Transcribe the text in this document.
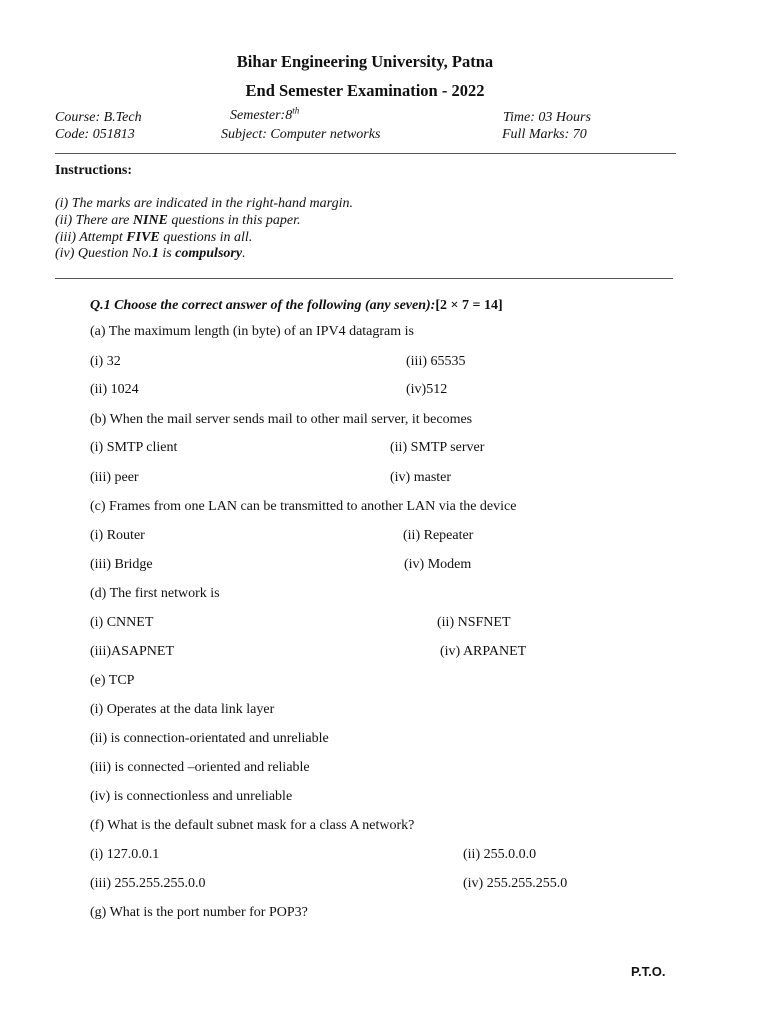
Bihar Engineering University, Patna
End Semester Examination - 2022
Course: B.Tech
Code: 051813
Semester:8th
Subject: Computer networks
Time: 03 Hours
Full Marks: 70
Instructions:
(i) The marks are indicated in the right-hand margin.
(ii) There are NINE questions in this paper.
(iii) Attempt FIVE questions in all.
(iv) Question No.1 is compulsory.
Q.1 Choose the correct answer of the following (any seven):[2 × 7 = 14]
(a) The maximum length (in byte) of an IPV4 datagram is
(i) 32	(iii) 65535
(ii) 1024	(iv)512
(b) When the mail server sends mail to other mail server, it becomes
(i) SMTP client	(ii) SMTP server
(iii) peer	(iv) master
(c) Frames from one LAN can be transmitted to another LAN via the device
(i) Router	(ii) Repeater
(iii) Bridge	(iv) Modem
(d) The first network is
(i) CNNET	(ii) NSFNET
(iii)ASAPNET	(iv) ARPANET
(e) TCP
(i) Operates at the data link layer
(ii) is connection-orientated and unreliable
(iii) is connected –oriented and reliable
(iv) is connectionless and unreliable
(f) What is the default subnet mask for a class A network?
(i) 127.0.0.1	(ii) 255.0.0.0
(iii) 255.255.255.0.0	(iv) 255.255.255.0
(g) What is the port number for POP3?
P.T.O.
